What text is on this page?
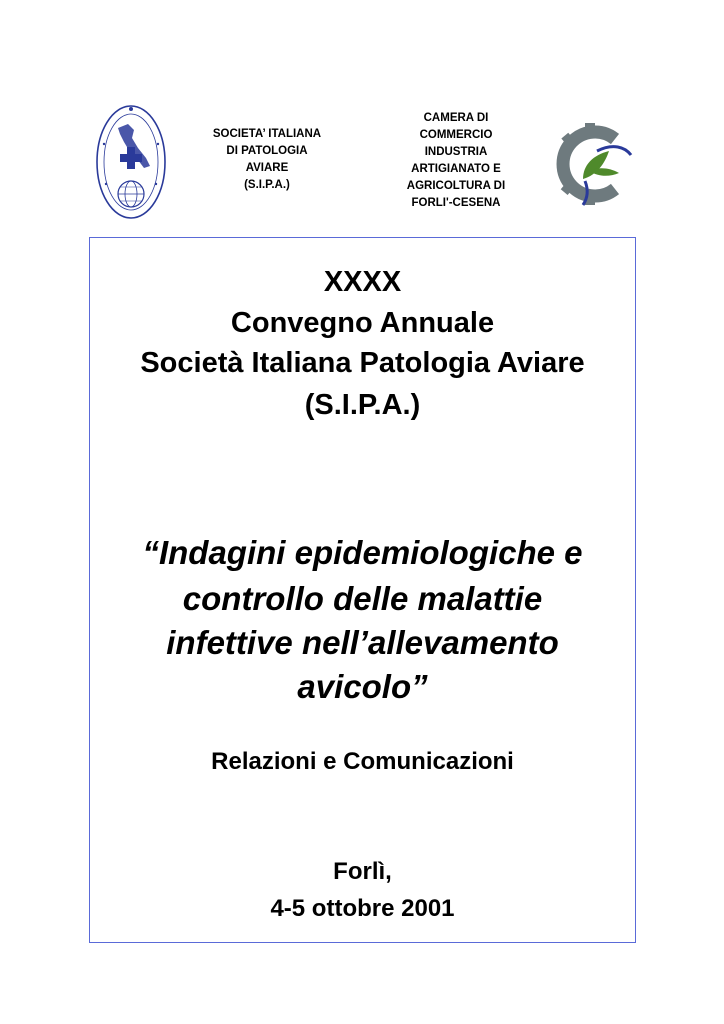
SOCIETA’ ITALIANA
DI PATOLOGIA
AVIARE
(S.I.P.A.)
CAMERA DI
COMMERCIO
INDUSTRIA
ARTIGIANATO E
AGRICOLTURA DI
FORLI'-CESENA
XXXX
Convegno Annuale
Società Italiana Patologia Aviare
(S.I.P.A.)
“Indagini epidemiologiche e
controllo delle malattie
infettive nell’allevamento
avicolo”
Relazioni e Comunicazioni
Forlì,
4-5 ottobre 2001
